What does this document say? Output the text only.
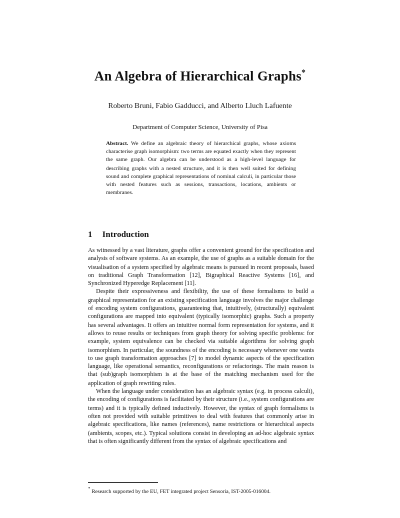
An Algebra of Hierarchical Graphs*
Roberto Bruni, Fabio Gadducci, and Alberto Lluch Lafuente
Department of Computer Science, University of Pisa
Abstract. We define an algebraic theory of hierarchical graphs, whose axioms characterise graph isomorphism: two terms are equated exactly when they represent the same graph. Our algebra can be understood as a high-level language for describing graphs with a nested structure, and it is then well suited for defining sound and complete graphical representations of nominal calculi, in particular those with nested features such as sessions, transactions, locations, ambients or membranes.
1 Introduction

As witnessed by a vast literature, graphs offer a convenient ground for the specification and analysis of software systems. As an example, the use of graphs as a suitable domain for the visualisation of a system specified by algebraic means is pursued in recent proposals, based on traditional Graph Transformation [12], Bigraphical Reactive Systems [16], and Synchronized Hyperedge Replacement [11].

Despite their expressiveness and flexibility, the use of these formalisms to build a graphical representation for an existing specification language involves the major challenge of encoding system configurations, guaranteeing that, intuitively, (structurally) equivalent configurations are mapped into equivalent (typically isomorphic) graphs. Such a property has several advantages. It offers an intuitive normal form representation for systems, and it allows to reuse results or techniques from graph theory for solving specific problems: for example, system equivalence can be checked via suitable algorithms for solving graph isomorphism. In particular, the soundness of the encoding is necessary whenever one wants to use graph transformation approaches [7] to model dynamic aspects of the specification language, like operational semantics, reconfigurations or refactorings. The main reason is that (sub)graph isomorphism is at the base of the matching mechanism used for the application of graph rewriting rules.

When the language under consideration has an algebraic syntax (e.g. in process calculi), the encoding of configurations is facilitated by their structure (i.e., system configurations are terms) and it is typically defined inductively. However, the syntax of graph formalisms is often not provided with suitable primitives to deal with features that commonly arise in algebraic specifications, like names (references), name restrictions or hierarchical aspects (ambients, scopes, etc.). Typical solutions consist in developing an ad-hoc algebraic syntax that is often significantly different from the syntax of algebraic specifications and

* Research supported by the EU, FET integrated project Sensoria, IST-2005-016004.
